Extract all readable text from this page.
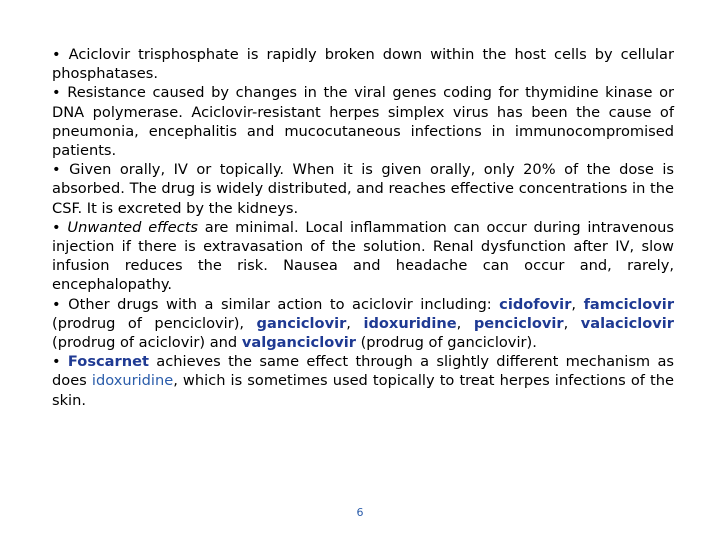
• Aciclovir trisphosphate is rapidly broken down within the host cells by cellular phosphatases.

• Resistance caused by changes in the viral genes coding for thymidine kinase or DNA polymerase. Aciclovir-resistant herpes simplex virus has been the cause of pneumonia, encephalitis and mucocutaneous infections in immunocompromised patients.

• Given orally, IV or topically. When it is given orally, only 20% of the dose is absorbed. The drug is widely distributed, and reaches effective concentrations in the CSF. It is excreted by the kidneys.

• Unwanted effects are minimal. Local inflammation can occur during intravenous injection if there is extravasation of the solution. Renal dysfunction after IV, slow infusion reduces the risk. Nausea and headache can occur and, rarely, encephalopathy.

• Other drugs with a similar action to aciclovir including: cidofovir, famciclovir (prodrug of penciclovir), ganciclovir, idoxuridine, penciclovir, valaciclovir (prodrug of aciclovir) and valganciclovir (prodrug of ganciclovir).

• Foscarnet achieves the same effect through a slightly different mechanism as does idoxuridine, which is sometimes used topically to treat herpes infections of the skin.

6
